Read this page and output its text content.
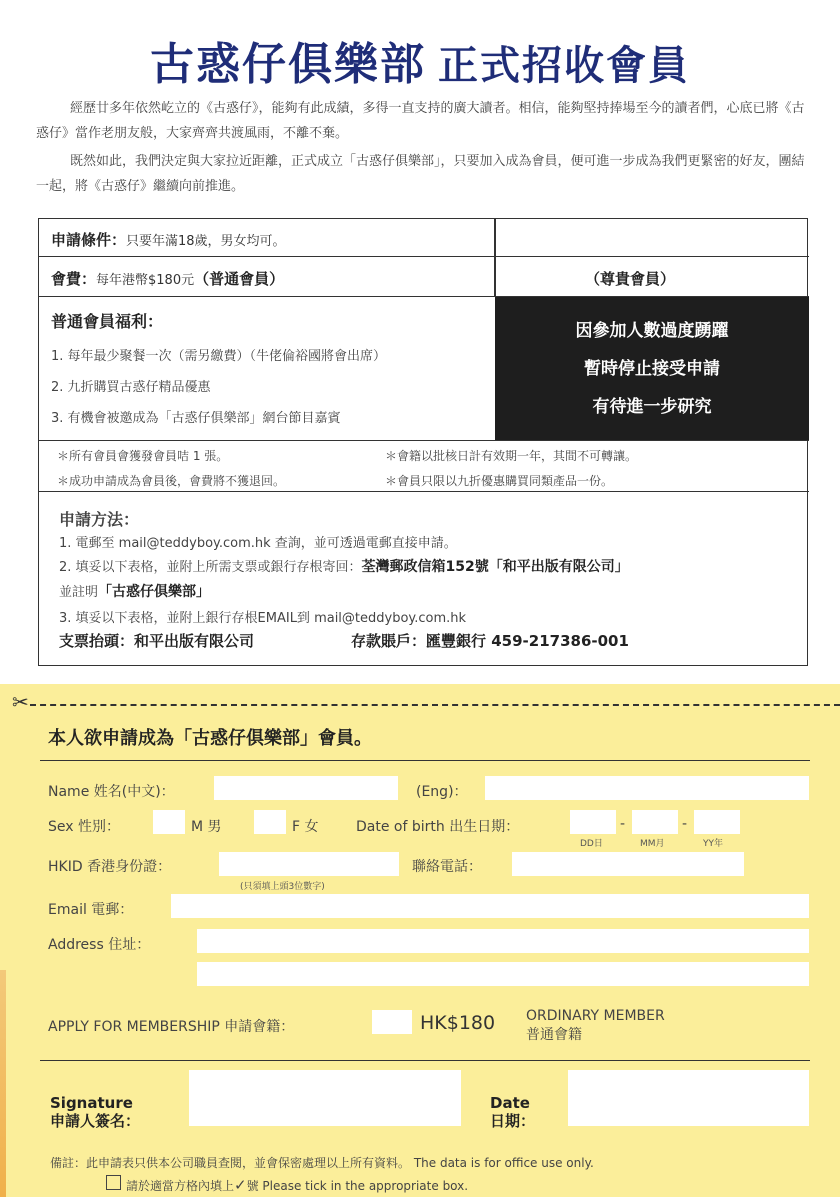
古惑仔俱樂部 正式招收會員

經歷廿多年依然屹立的《古惑仔》，能夠有此成績，多得一直支持的廣大讀者。相信，能夠堅持捧場至今的讀者們，心底已將《古惑仔》當作老朋友般，大家齊齊共渡風雨，不離不棄。

既然如此，我們決定與大家拉近距離，正式成立「古惑仔俱樂部」，只要加入成為會員，便可進一步成為我們更緊密的好友，團結一起，將《古惑仔》繼續向前推進。

申請條件：只要年滿18歲，男女均可。
會費：每年港幣$180元（普通會員）	（尊貴會員）
普通會員福利：
1. 每年最少聚餐一次（需另繳費）（牛佬倫裕國將會出席）
2. 九折購買古惑仔精品優惠
3. 有機會被邀成為「古惑仔俱樂部」網台節目嘉賓
因參加人數過度踴躍
暫時停止接受申請
有待進一步研究
＊所有會員會獲發會員咭 1 張。	＊會籍以批核日計有效期一年，其間不可轉讓。
＊成功申請成為會員後，會費將不獲退回。	＊會員只限以九折優惠購買同類產品一份。
申請方法：
1. 電郵至 mail@teddyboy.com.hk 查詢，並可透過電郵直接申請。
2. 填妥以下表格，並附上所需支票或銀行存根寄回：荃灣郵政信箱152號「和平出版有限公司」
並註明「古惑仔俱樂部」
3. 填妥以下表格，並附上銀行存根EMAIL到 mail@teddyboy.com.hk
支票抬頭：和平出版有限公司	存款賬戶：匯豐銀行 459-217386-001
✂
本人欲申請成為「古惑仔俱樂部」會員。
Name 姓名(中文)：	(Eng)：
Sex 性別：	M 男	F 女	Date of birth 出生日期：	-	-
DD日	MM月	YY年
HKID 香港身份證：
(只須填上頭3位數字)
聯絡電話：
Email 電郵：
Address 住址：
APPLY FOR MEMBERSHIP 申請會籍：	HK$180 ORDINARY MEMBER
普通會籍
Signature
申請人簽名：
Date
日期：
備註：此申請表只供本公司職員查閱，並會保密處理以上所有資料。 The data is for office use only.
請於適當方格內填上✓號 Please tick in the appropriate box.
